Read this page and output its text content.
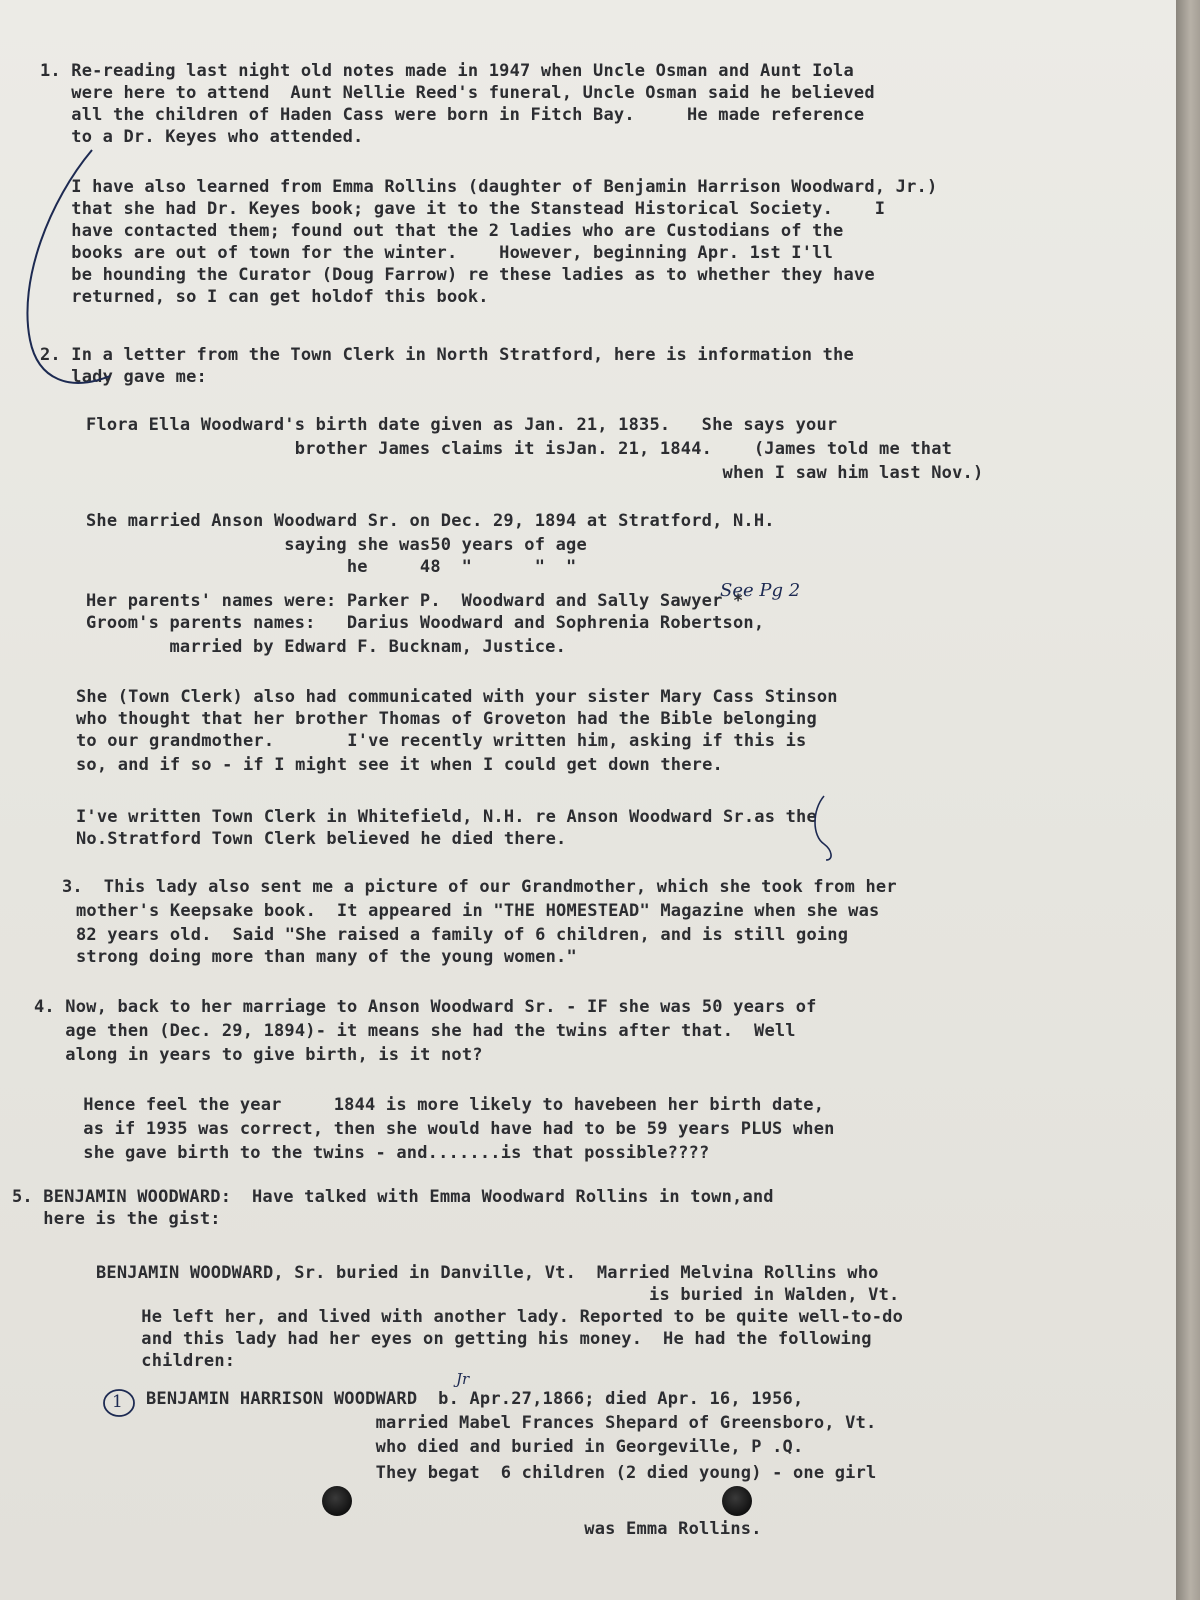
1. Re-reading last night old notes made in 1947 when Uncle Osman and Aunt Iola
were here to attend  Aunt Nellie Reed's funeral, Uncle Osman said he believed
all the children of Haden Cass were born in Fitch Bay.     He made reference
to a Dr. Keyes who attended.
I have also learned from Emma Rollins (daughter of Benjamin Harrison Woodward, Jr.)
that she had Dr. Keyes book; gave it to the Stanstead Historical Society.    I
have contacted them; found out that the 2 ladies who are Custodians of the
books are out of town for the winter.    However, beginning Apr. 1st I'll
be hounding the Curator (Doug Farrow) re these ladies as to whether they have
returned, so I can get holdof this book.
2. In a letter from the Town Clerk in North Stratford, here is information the
lady gave me:
Flora Ella Woodward's birth date given as Jan. 21, 1835.   She says your
brother James claims it isJan. 21, 1844.    (James told me that
when I saw him last Nov.)
She married Anson Woodward Sr. on Dec. 29, 1894 at Stratford, N.H.
saying she was50 years of age
he     48  "      "  "
Her parents' names were: Parker P.  Woodward and Sally Sawyer *
Groom's parents names:   Darius Woodward and Sophrenia Robertson,
married by Edward F. Bucknam, Justice.
See Pg 2
She (Town Clerk) also had communicated with your sister Mary Cass Stinson
who thought that her brother Thomas of Groveton had the Bible belonging
to our grandmother.       I've recently written him, asking if this is
so, and if so - if I might see it when I could get down there.
I've written Town Clerk in Whitefield, N.H. re Anson Woodward Sr.as the
No.Stratford Town Clerk believed he died there.
3.  This lady also sent me a picture of our Grandmother, which she took from her
mother's Keepsake book.  It appeared in "THE HOMESTEAD" Magazine when she was
82 years old.  Said "She raised a family of 6 children, and is still going
strong doing more than many of the young women."
4. Now, back to her marriage to Anson Woodward Sr. - IF she was 50 years of
age then (Dec. 29, 1894)- it means she had the twins after that.  Well
along in years to give birth, is it not?
Hence feel the year     1844 is more likely to havebeen her birth date,
as if 1935 was correct, then she would have had to be 59 years PLUS when
she gave birth to the twins - and.......is that possible????
5. BENJAMIN WOODWARD:  Have talked with Emma Woodward Rollins in town,and
here is the gist:
BENJAMIN WOODWARD, Sr. buried in Danville, Vt.  Married Melvina Rollins who
is buried in Walden, Vt.
He left her, and lived with another lady. Reported to be quite well-to-do
and this lady had her eyes on getting his money.  He had the following
children:
BENJAMIN HARRISON WOODWARD  b. Apr.27,1866; died Apr. 16, 1956,
married Mabel Frances Shepard of Greensboro, Vt.
who died and buried in Georgeville, P .Q.
They begat  6 children (2 died young) - one girl
was Emma Rollins.
1
Jr
